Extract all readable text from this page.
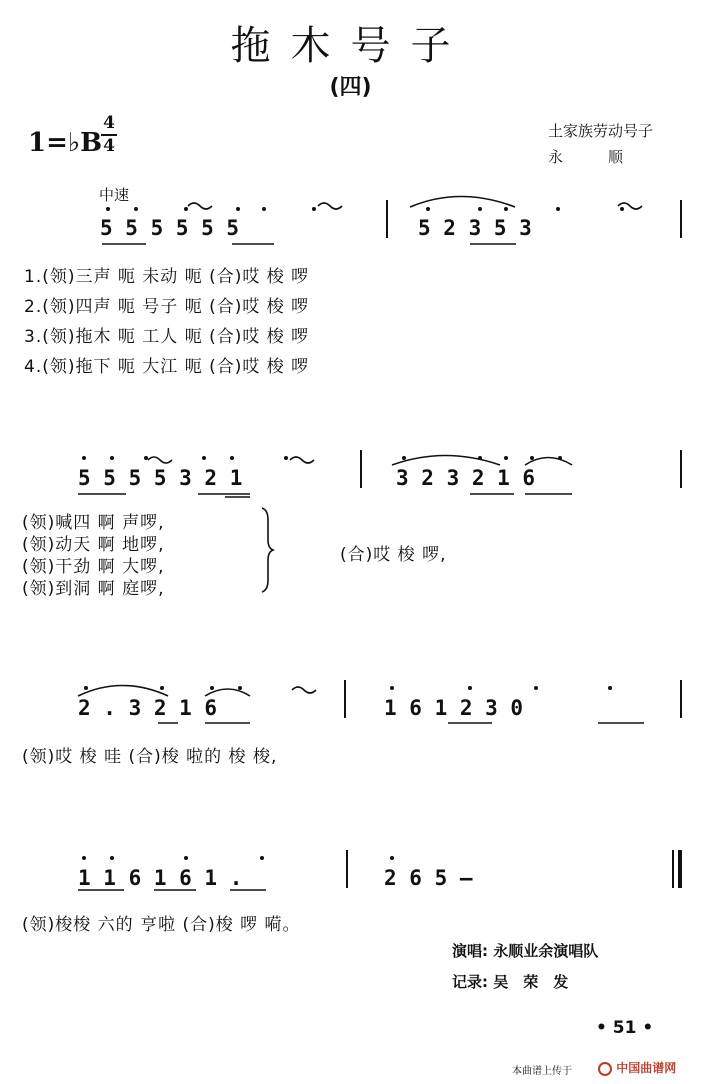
拖木号子
(四)
1=♭B
4
4
土家族劳动号子
永　　　顺
中速
5 5 5 5 5 5	5 2 3 5 3
1.(领)三声 呃 未动 呃 (合)哎 梭 啰
2.(领)四声 呃 号子 呃 (合)哎 梭 啰
3.(领)拖木 呃 工人 呃 (合)哎 梭 啰
4.(领)拖下 呃 大江 呃 (合)哎 梭 啰
5 5 5 5 3 2 1	3 2 3 2 1 6
(领)喊四 啊 声啰,
(领)动天 啊 地啰,
(领)干劲 啊 大啰,
(领)到洞 啊 庭啰,
(合)哎 梭 啰,
2 . 3 2 1 6	1 6 1 2 3 0
(领)哎 梭 哇 (合)梭 啦的 梭 梭,
1 1 6 1 6 1 .	2 6 5 –
(领)梭梭 六的 亨啦 (合)梭 啰 嗬。
演唱: 永顺业余演唱队
记录: 吴　荣　发
• 51 •
本曲谱上传于	中国曲谱网
